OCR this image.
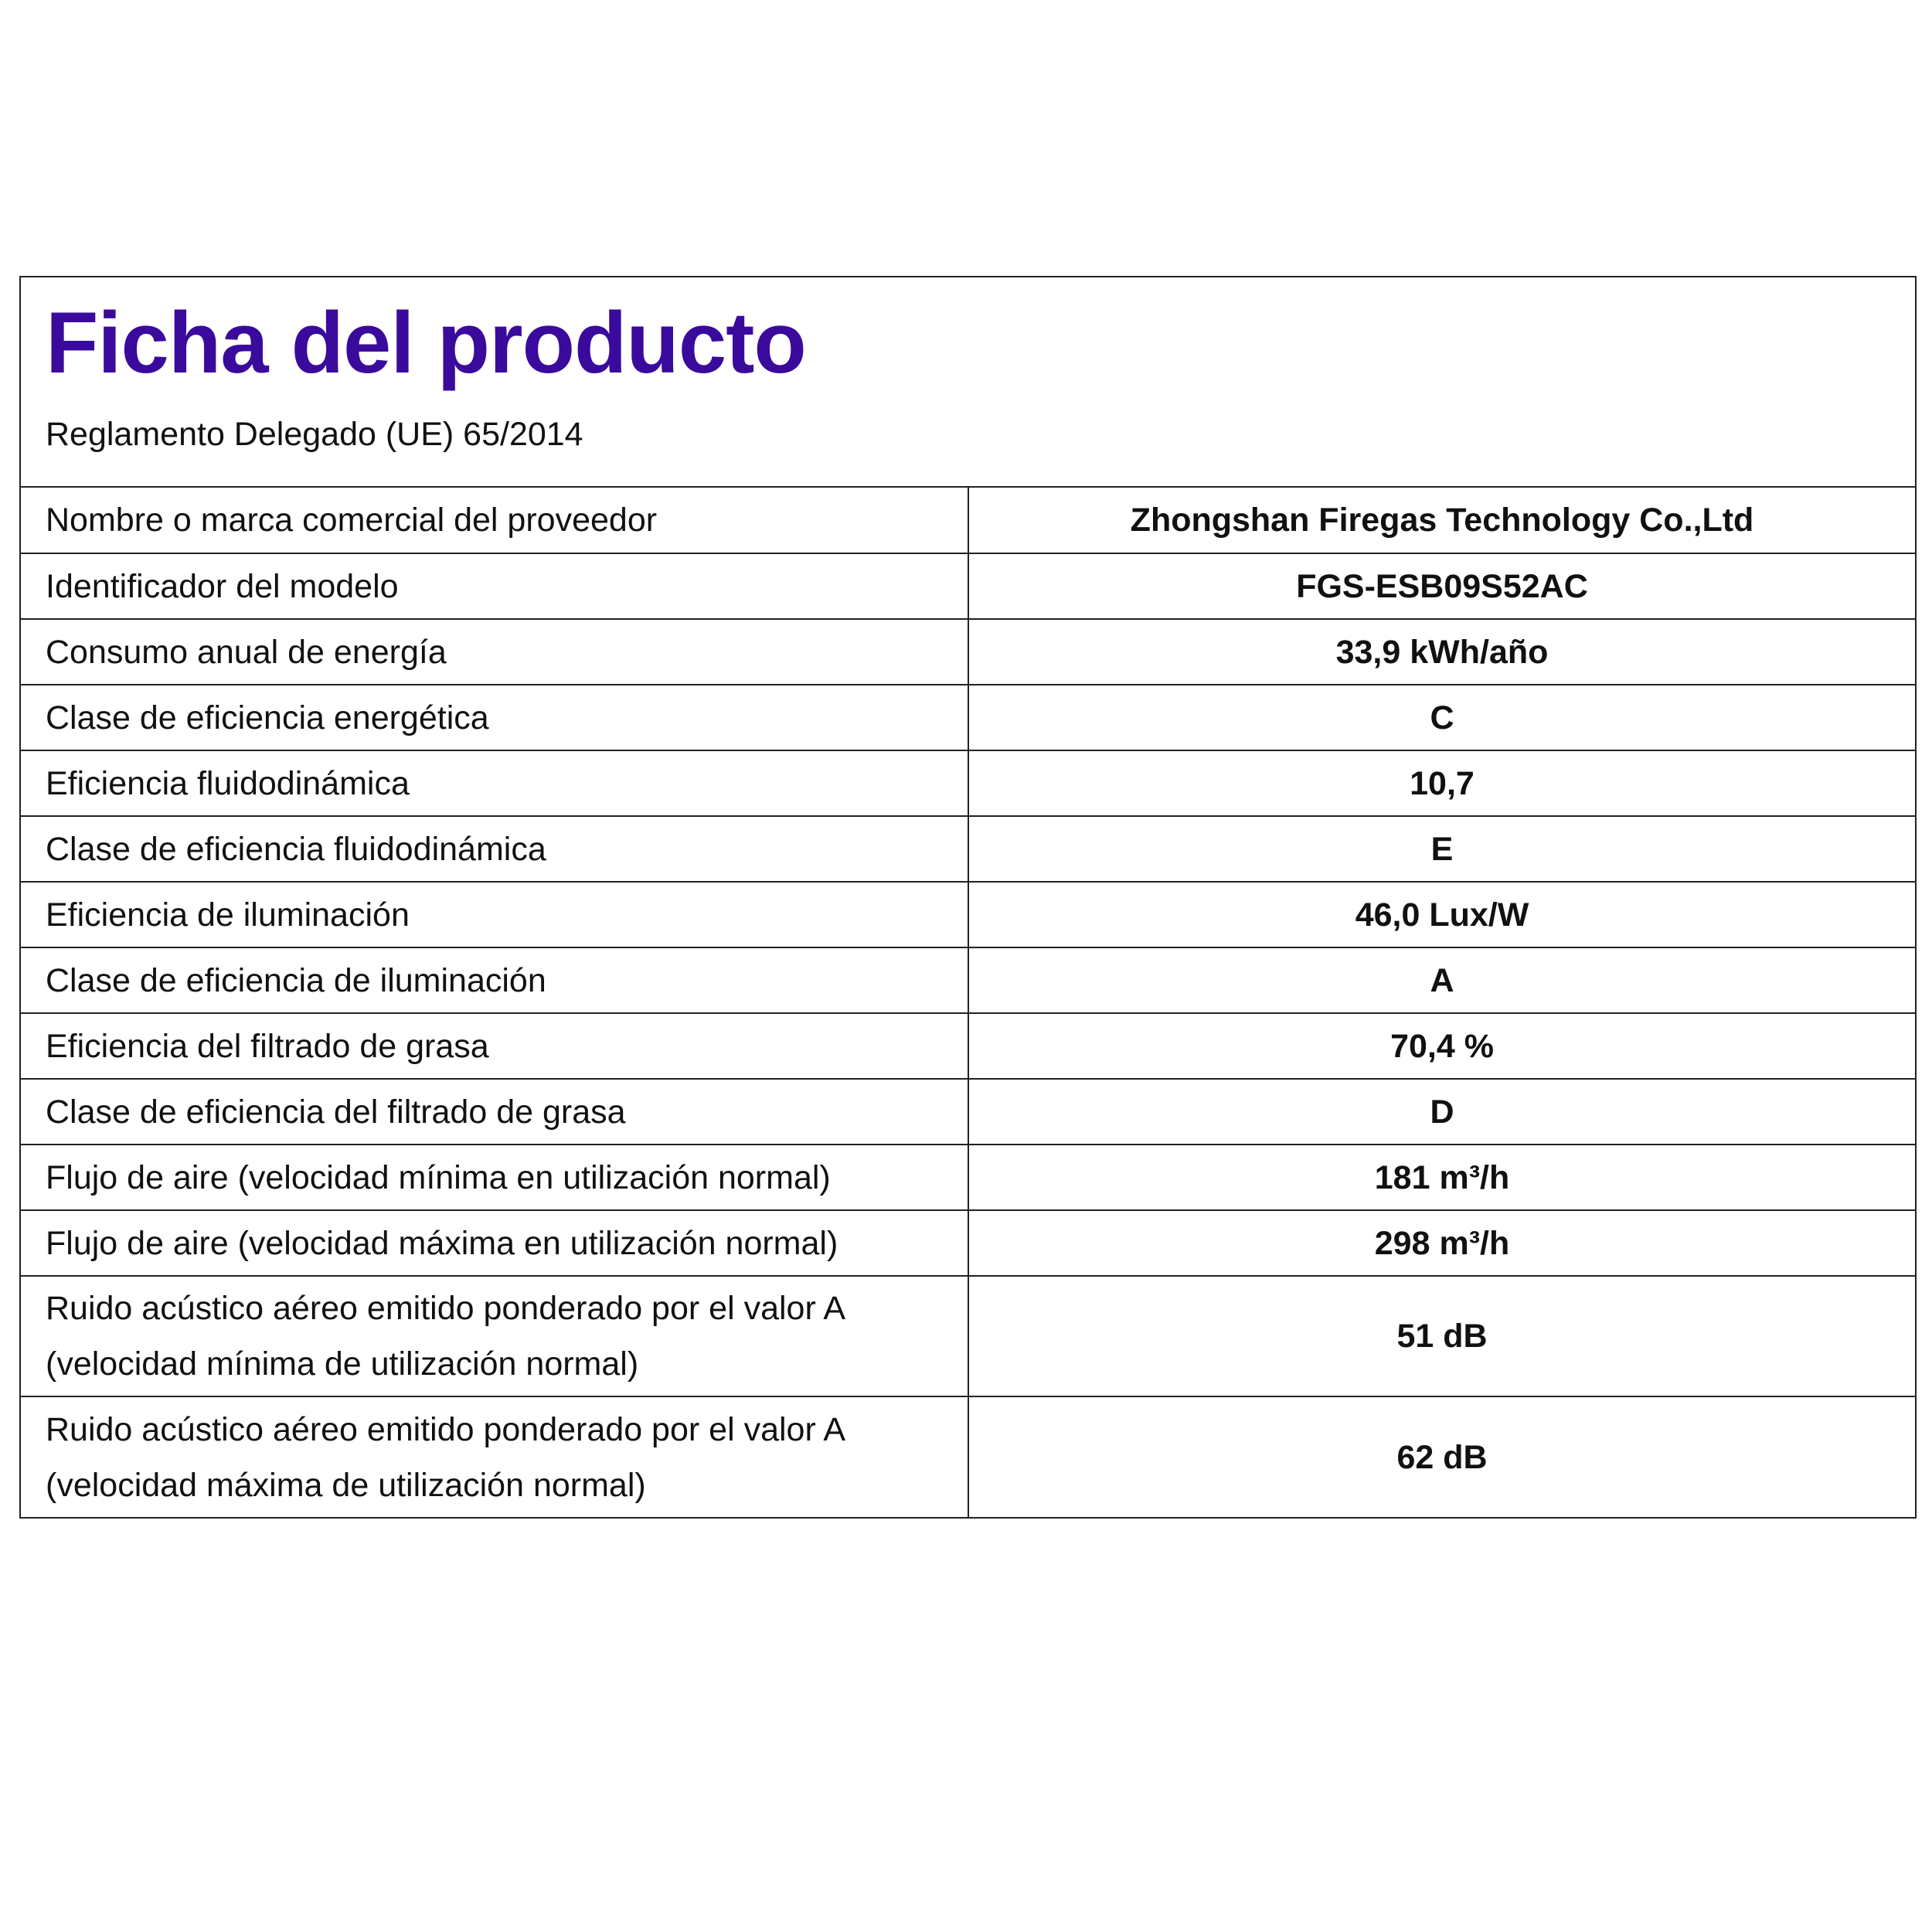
Ficha del producto

Reglamento Delegado (UE) 65/2014

Nombre o marca comercial del proveedor	Zhongshan Firegas Technology Co.,Ltd
Identificador del modelo	FGS-ESB09S52AC
Consumo anual de energía	33,9 kWh/año
Clase de eficiencia energética	C
Eficiencia fluidodinámica	10,7
Clase de eficiencia fluidodinámica	E
Eficiencia de iluminación	46,0 Lux/W
Clase de eficiencia de iluminación	A
Eficiencia del filtrado de grasa	70,4 %
Clase de eficiencia del filtrado de grasa	D
Flujo de aire (velocidad mínima en utilización normal)	181 m³/h
Flujo de aire (velocidad máxima en utilización normal)	298 m³/h
Ruido acústico aéreo emitido ponderado por el valor A (velocidad mínima de utilización normal)	51 dB
Ruido acústico aéreo emitido ponderado por el valor A (velocidad máxima de utilización normal)	62 dB
